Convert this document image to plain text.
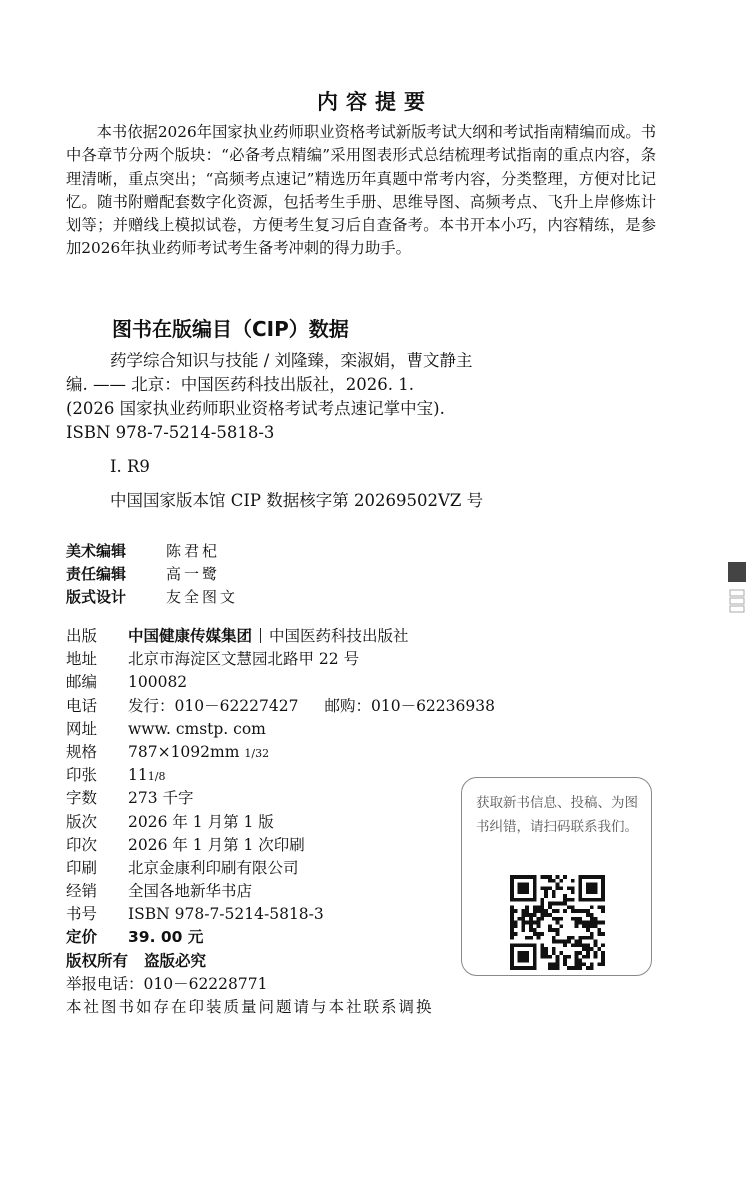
内容提要

本书依据2026年国家执业药师职业资格考试新版考试大纲和考试指南精编而成。书中各章节分两个版块：“必备考点精编”采用图表形式总结梳理考试指南的重点内容，条理清晰，重点突出；“高频考点速记”精选历年真题中常考内容，分类整理，方便对比记忆。随书附赠配套数字化资源，包括考生手册、思维导图、高频考点、飞升上岸修炼计划等；并赠线上模拟试卷，方便考生复习后自查备考。本书开本小巧，内容精练，是参加2026年执业药师考试考生备考冲刺的得力助手。

图书在版编目（CIP）数据
药学综合知识与技能 / 刘隆臻，栾淑娟，曹文静主
编. —— 北京：中国医药科技出版社，2026. 1.
(2026 国家执业药师职业资格考试考点速记掌中宝).
ISBN 978-7-5214-5818-3
Ⅰ. R9
中国国家版本馆 CIP 数据核字第 20269502VZ 号
美术编辑	陈君杞
责任编辑	高一鹭
版式设计	友全图文
出版 中国健康传媒集团 中国医药科技出版社
地址 北京市海淀区文慧园北路甲 22 号
邮编 100082
电话 发行：010－62227427 邮购：010－62236938
网址 www. cmstp. com
规格 787×1092mm 1/32
印张 111/8
字数 273 千字
版次 2026 年 1 月第 1 版
印次 2026 年 1 月第 1 次印刷
印刷 北京金康利印刷有限公司
经销 全国各地新华书店
书号 ISBN 978-7-5214-5818-3
定价 39. 00 元
版权所有 盗版必究
举报电话：010－62228771
本社图书如存在印装质量问题请与本社联系调换

获取新书信息、投稿、为图书纠错，请扫码联系我们。
